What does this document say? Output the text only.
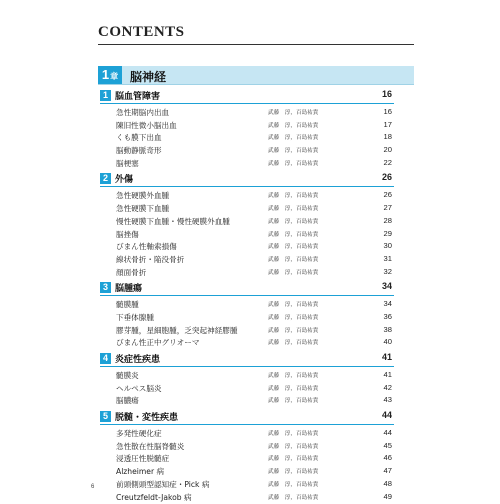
CONTENTS
1章 脳神経
1 脳血管障害	16
急性期脳内出血	武藤　淳，百島祐貴	16
陳旧性微小脳出血	武藤　淳，百島祐貴	17
くも膜下出血	武藤　淳，百島祐貴	18
脳動静脈奇形	武藤　淳，百島祐貴	20
脳梗塞	武藤　淳，百島祐貴	22
2 外傷	26
急性硬膜外血腫	武藤　淳，百島祐貴	26
急性硬膜下血腫	武藤　淳，百島祐貴	27
慢性硬膜下血腫・慢性硬膜外血腫	武藤　淳，百島祐貴	28
脳挫傷	武藤　淳，百島祐貴	29
びまん性軸索損傷	武藤　淳，百島祐貴	30
線状骨折・陥没骨折	武藤　淳，百島祐貴	31
顔面骨折	武藤　淳，百島祐貴	32
3 脳腫瘍	34
髄膜腫	武藤　淳，百島祐貴	34
下垂体腺腫	武藤　淳，百島祐貴	36
膠芽腫，星細胞腫，乏突起神経膠腫	武藤　淳，百島祐貴	38
びまん性正中グリオーマ	武藤　淳，百島祐貴	40
4 炎症性疾患	41
髄膜炎	武藤　淳，百島祐貴	41
ヘルペス脳炎	武藤　淳，百島祐貴	42
脳膿瘍	武藤　淳，百島祐貴	43
5 脱髄・変性疾患	44
多発性硬化症	武藤　淳，百島祐貴	44
急性散在性脳脊髄炎	武藤　淳，百島祐貴	45
浸透圧性脱髄症	武藤　淳，百島祐貴	46
Alzheimer 病	武藤　淳，百島祐貴	47
前頭側頭型認知症・Pick 病	武藤　淳，百島祐貴	48
Creutzfeldt-Jakob 病	武藤　淳，百島祐貴	49
6
